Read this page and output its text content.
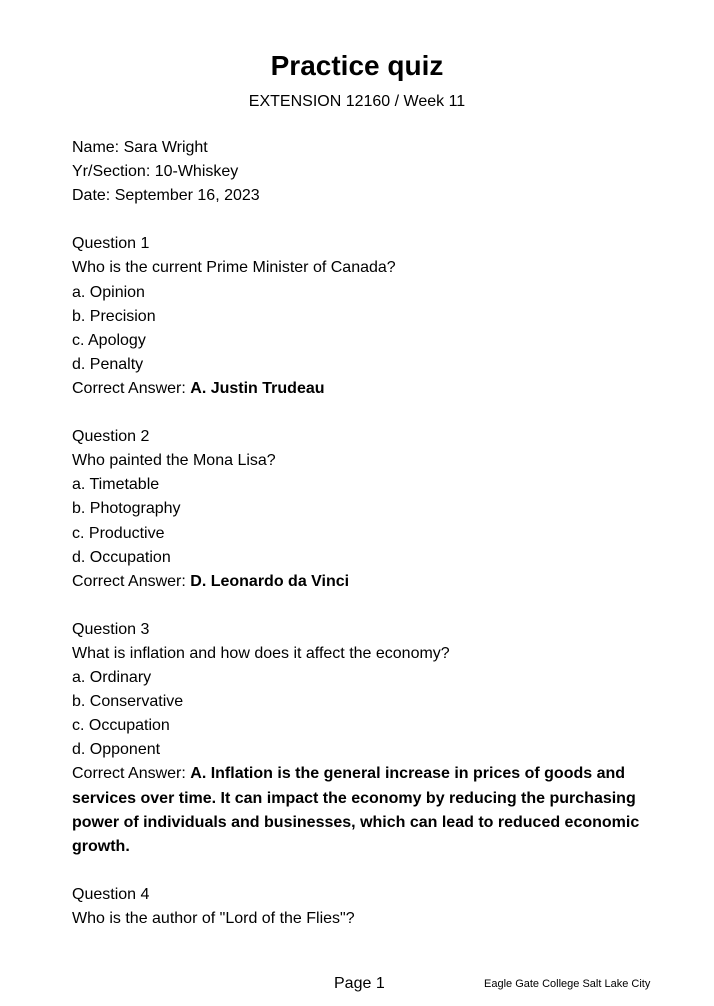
Practice quiz
EXTENSION 12160 / Week 11
Name: Sara Wright
Yr/Section: 10-Whiskey
Date: September 16, 2023
Question 1
Who is the current Prime Minister of Canada?
a. Opinion
b. Precision
c. Apology
d. Penalty
Correct Answer: A. Justin Trudeau
Question 2
Who painted the Mona Lisa?
a. Timetable
b. Photography
c. Productive
d. Occupation
Correct Answer: D. Leonardo da Vinci
Question 3
What is inflation and how does it affect the economy?
a. Ordinary
b. Conservative
c. Occupation
d. Opponent
Correct Answer: A. Inflation is the general increase in prices of goods and services over time. It can impact the economy by reducing the purchasing power of individuals and businesses, which can lead to reduced economic growth.
Question 4
Who is the author of "Lord of the Flies"?
Page 1	Eagle Gate College Salt Lake City
